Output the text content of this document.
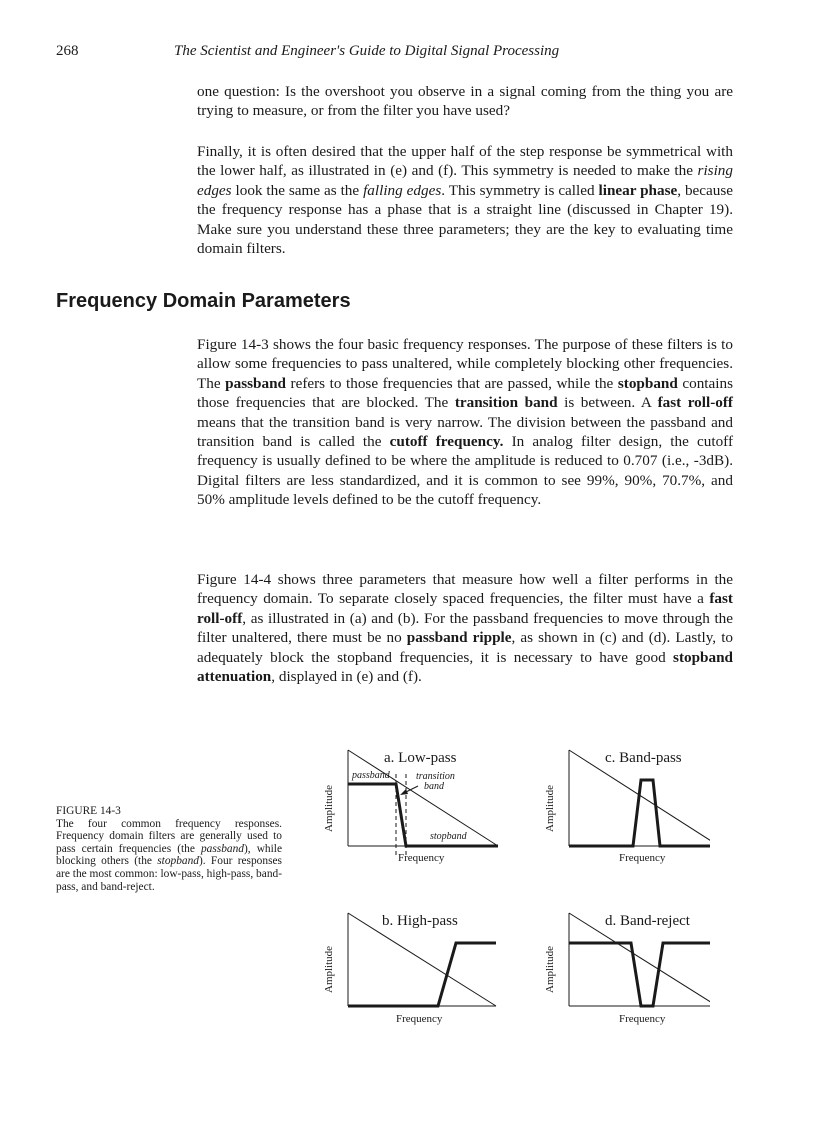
268	The Scientist and Engineer's Guide to Digital Signal Processing
one question: Is the overshoot you observe in a signal coming from the thing you are trying to measure, or from the filter you have used?
Finally, it is often desired that the upper half of the step response be symmetrical with the lower half, as illustrated in (e) and (f). This symmetry is needed to make the rising edges look the same as the falling edges. This symmetry is called linear phase, because the frequency response has a phase that is a straight line (discussed in Chapter 19). Make sure you understand these three parameters; they are the key to evaluating time domain filters.
Frequency Domain Parameters
Figure 14-3 shows the four basic frequency responses. The purpose of these filters is to allow some frequencies to pass unaltered, while completely blocking other frequencies. The passband refers to those frequencies that are passed, while the stopband contains those frequencies that are blocked. The transition band is between. A fast roll-off means that the transition band is very narrow. The division between the passband and transition band is called the cutoff frequency. In analog filter design, the cutoff frequency is usually defined to be where the amplitude is reduced to 0.707 (i.e., -3dB). Digital filters are less standardized, and it is common to see 99%, 90%, 70.7%, and 50% amplitude levels defined to be the cutoff frequency.
Figure 14-4 shows three parameters that measure how well a filter performs in the frequency domain. To separate closely spaced frequencies, the filter must have a fast roll-off, as illustrated in (a) and (b). For the passband frequencies to move through the filter unaltered, there must be no passband ripple, as shown in (c) and (d). Lastly, to adequately block the stopband frequencies, it is necessary to have good stopband attenuation, displayed in (e) and (f).
FIGURE 14-3
The four common frequency responses. Frequency domain filters are generally used to pass certain frequencies (the passband), while blocking others (the stopband). Four responses are the most common: low-pass, high-pass, band-pass, and band-reject.
a. Low-pass
passband	transition
band
stopband
Frequency
Amplitude
c. Band-pass
Frequency
Amplitude
b. High-pass
Frequency
Amplitude
d. Band-reject
Frequency
Amplitude
